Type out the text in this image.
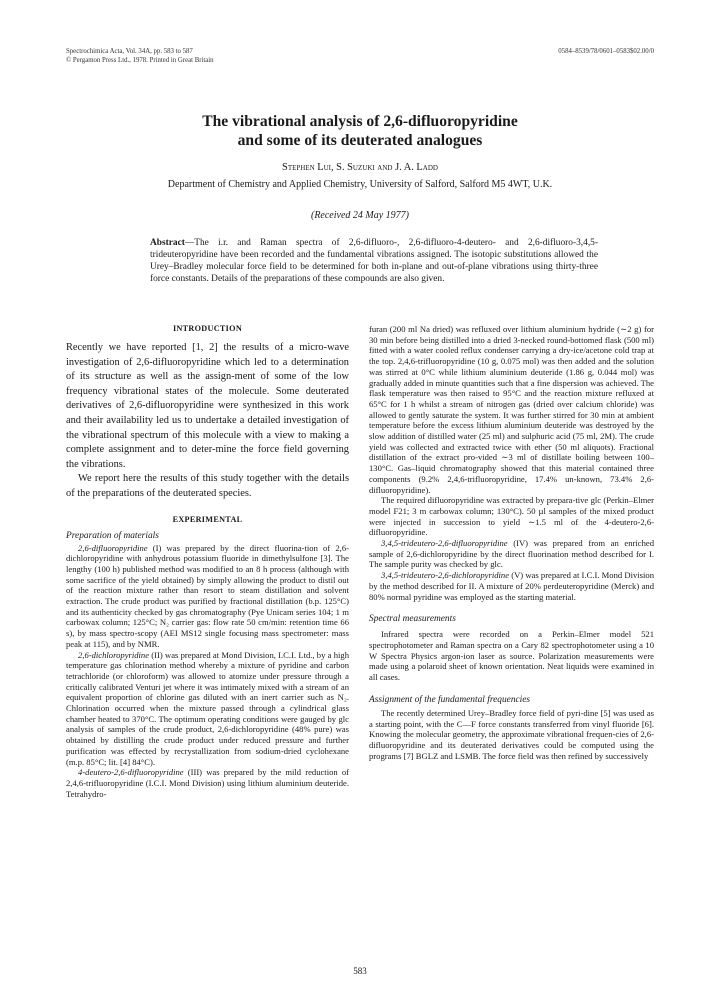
Spectrochimica Acta, Vol. 34A, pp. 583 to 587
© Pergamon Press Ltd., 1978. Printed in Great Britain
0584–8539/78/0601–0583$02.00/0
The vibrational analysis of 2,6-difluoropyridine
and some of its deuterated analogues
Stephen Lui, S. Suzuki and J. A. Ladd
Department of Chemistry and Applied Chemistry, University of Salford, Salford M5 4WT, U.K.
(Received 24 May 1977)
Abstract—The i.r. and Raman spectra of 2,6-difluoro-, 2,6-difluoro-4-deutero- and 2,6-difluoro-3,4,5-trideuteropyridine have been recorded and the fundamental vibrations assigned. The isotopic substitutions allowed the Urey–Bradley molecular force field to be determined for both in-plane and out-of-plane vibrations using thirty-three force constants. Details of the preparations of these compounds are also given.

INTRODUCTION

Recently we have reported [1, 2] the results of a micro-wave investigation of 2,6-difluoropyridine which led to a determination of its structure as well as the assign-ment of some of the low frequency vibrational states of the molecule. Some deuterated derivatives of 2,6-difluoropyridine were synthesized in this work and their availability led us to undertake a detailed investigation of the vibrational spectrum of this molecule with a view to making a complete assignment and to deter-mine the force field governing the vibrations.

We report here the results of this study together with the details of the preparations of the deuterated species.

EXPERIMENTAL

Preparation of materials

2,6-difluoropyridine (I) was prepared by the direct fluorina-tion of 2,6-dichloropyridine with anhydrous potassium fluoride in dimethylsulfone [3]. The lengthy (100 h) published method was modified to an 8 h process (although with some sacrifice of the yield obtained) by simply allowing the product to distil out of the reaction mixture rather than resort to steam distillation and solvent extraction. The crude product was purified by fractional distillation (b.p. 125°C) and its authenticity checked by gas chromatography (Pye Unicam series 104; 1 m carbowax column; 125°C; N₂ carrier gas: flow rate 50 cm/min: retention time 66 s), by mass spectro-scopy (AEI MS12 single focusing mass spectrometer: mass peak at 115), and by NMR.

2,6-dichloropyridine (II) was prepared at Mond Division, I.C.I. Ltd., by a high temperature gas chlorination method whereby a mixture of pyridine and carbon tetrachloride (or chloroform) was allowed to atomize under pressure through a critically calibrated Venturi jet where it was intimately mixed with a stream of an equivalent proportion of chlorine gas diluted with an inert carrier such as N₂. Chlorination occurred when the mixture passed through a cylindrical glass chamber heated to 370°C. The optimum operating conditions were gauged by glc analysis of samples of the crude product, 2,6-dichloropyridine (48% pure) was obtained by distilling the crude product under reduced pressure and further purification was effected by recrystallization from sodium-dried cyclohexane (m.p. 85°C; lit. [4] 84°C).

4-deutero-2,6-difluoropyridine (III) was prepared by the mild reduction of 2,4,6-trifluoropyridine (I.C.I. Mond Division) using lithium aluminium deuteride. Tetrahydro-

furan (200 ml Na dried) was refluxed over lithium aluminium hydride (∼2 g) for 30 min before being distilled into a dried 3-necked round-bottomed flask (500 ml) fitted with a water cooled reflux condenser carrying a dry-ice/acetone cold trap at the top. 2,4,6-trifluoropyridine (10 g, 0.075 mol) was then added and the solution was stirred at 0°C while lithium aluminium deuteride (1.86 g, 0.044 mol) was gradually added in minute quantities such that a fine dispersion was achieved. The flask temperature was then raised to 95°C and the reaction mixture refluxed at 65°C for 1 h whilst a stream of nitrogen gas (dried over calcium chloride) was allowed to gently saturate the system. It was further stirred for 30 min at ambient temperature before the excess lithium aluminium deuteride was destroyed by the slow addition of distilled water (25 ml) and sulphuric acid (75 ml, 2M). The crude yield was collected and extracted twice with ether (50 ml aliquots). Fractional distillation of the extract pro-vided ∼3 ml of distillate boiling between 100–130°C. Gas–liquid chromatography showed that this material contained three components (9.2% 2,4,6-trifluoropyridine, 17.4% un-known, 73.4% 2,6-difluoropyridine).

The required difluoropyridine was extracted by prepara-tive glc (Perkin–Elmer model F21; 3 m carbowax column; 130°C). 50 µl samples of the mixed product were injected in succession to yield ∼1.5 ml of the 4-deutero-2,6-difluoropyridine.

3,4,5-trideutero-2,6-difluoropyridine (IV) was prepared from an enriched sample of 2,6-dichloropyridine by the direct fluorination method described for I. The sample purity was checked by glc.

3,4,5-trideutero-2,6-dichloropyridine (V) was prepared at I.C.I. Mond Division by the method described for II. A mixture of 20% perdeuteropyridine (Merck) and 80% normal pyridine was employed as the starting material.

Spectral measurements

Infrared spectra were recorded on a Perkin–Elmer model 521 spectrophotometer and Raman spectra on a Cary 82 spectrophotometer using a 10 W Spectra Physics argon-ion laser as source. Polarization measurements were made using a polaroid sheet of known orientation. Neat liquids were examined in all cases.

Assignment of the fundamental frequencies

The recently determined Urey–Bradley force field of pyri-dine [5] was used as a starting point, with the C—F force constants transferred from vinyl fluoride [6]. Knowing the molecular geometry, the approximate vibrational frequen-cies of 2,6-difluoropyridine and its deuterated derivatives could be computed using the programs [7] BGLZ and LSMB. The force field was then refined by successively

583
